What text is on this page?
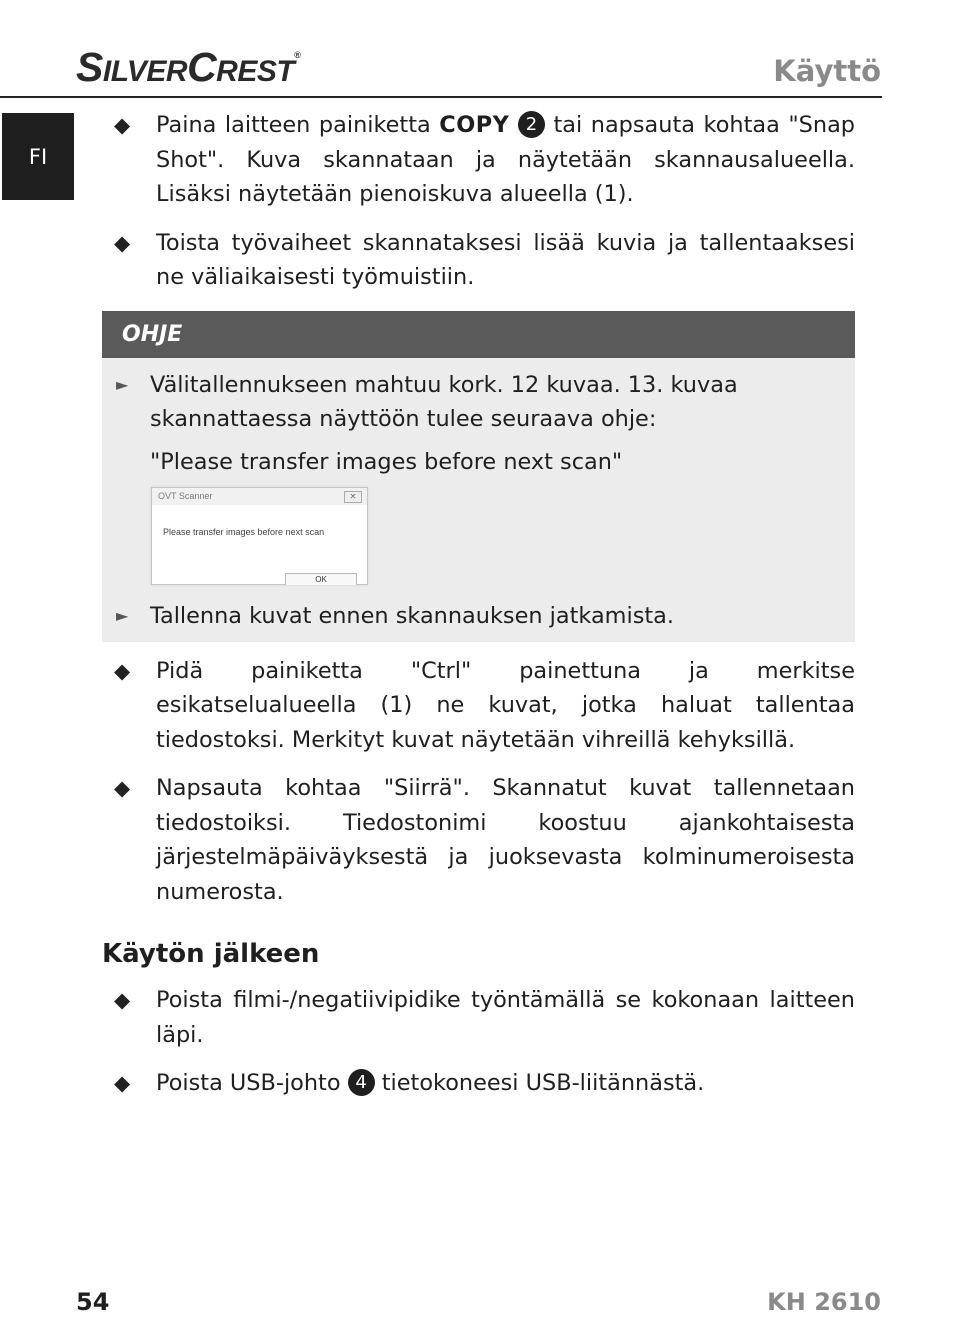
SILVERCREST®	Käyttö
FI
◆	Paina laitteen painiketta COPY 2 tai napsauta kohtaa "Snap Shot". Kuva skannataan ja näytetään skannausalueella. Lisäksi näytetään pienoiskuva alueella (1).
◆	Toista työvaiheet skannataksesi lisää kuvia ja tallentaaksesi ne väliaikaisesti työmuistiin.
OHJE
► Välitallennukseen mahtuu kork. 12 kuvaa. 13. kuvaa skannattaessa näyttöön tulee seuraava ohje:
"Please transfer images before next scan"
OVT Scanner	✕
Please transfer images before next scan
OK
► Tallenna kuvat ennen skannauksen jatkamista.
◆	Pidä painiketta "Ctrl" painettuna ja merkitse esikatselualueella (1) ne kuvat, jotka haluat tallentaa tiedostoksi. Merkityt kuvat näytetään vihreillä kehyksillä.
◆	Napsauta kohtaa "Siirrä". Skannatut kuvat tallennetaan tiedostoiksi. Tiedostonimi koostuu ajankohtaisesta järjestelmäpäiväyksestä ja juoksevasta kolminumeroisesta numerosta.
Käytön jälkeen
◆	Poista filmi-/negatiivipidike työntämällä se kokonaan laitteen läpi.
◆	Poista USB-johto 4 tietokoneesi USB-liitännästä.
54	KH 2610
